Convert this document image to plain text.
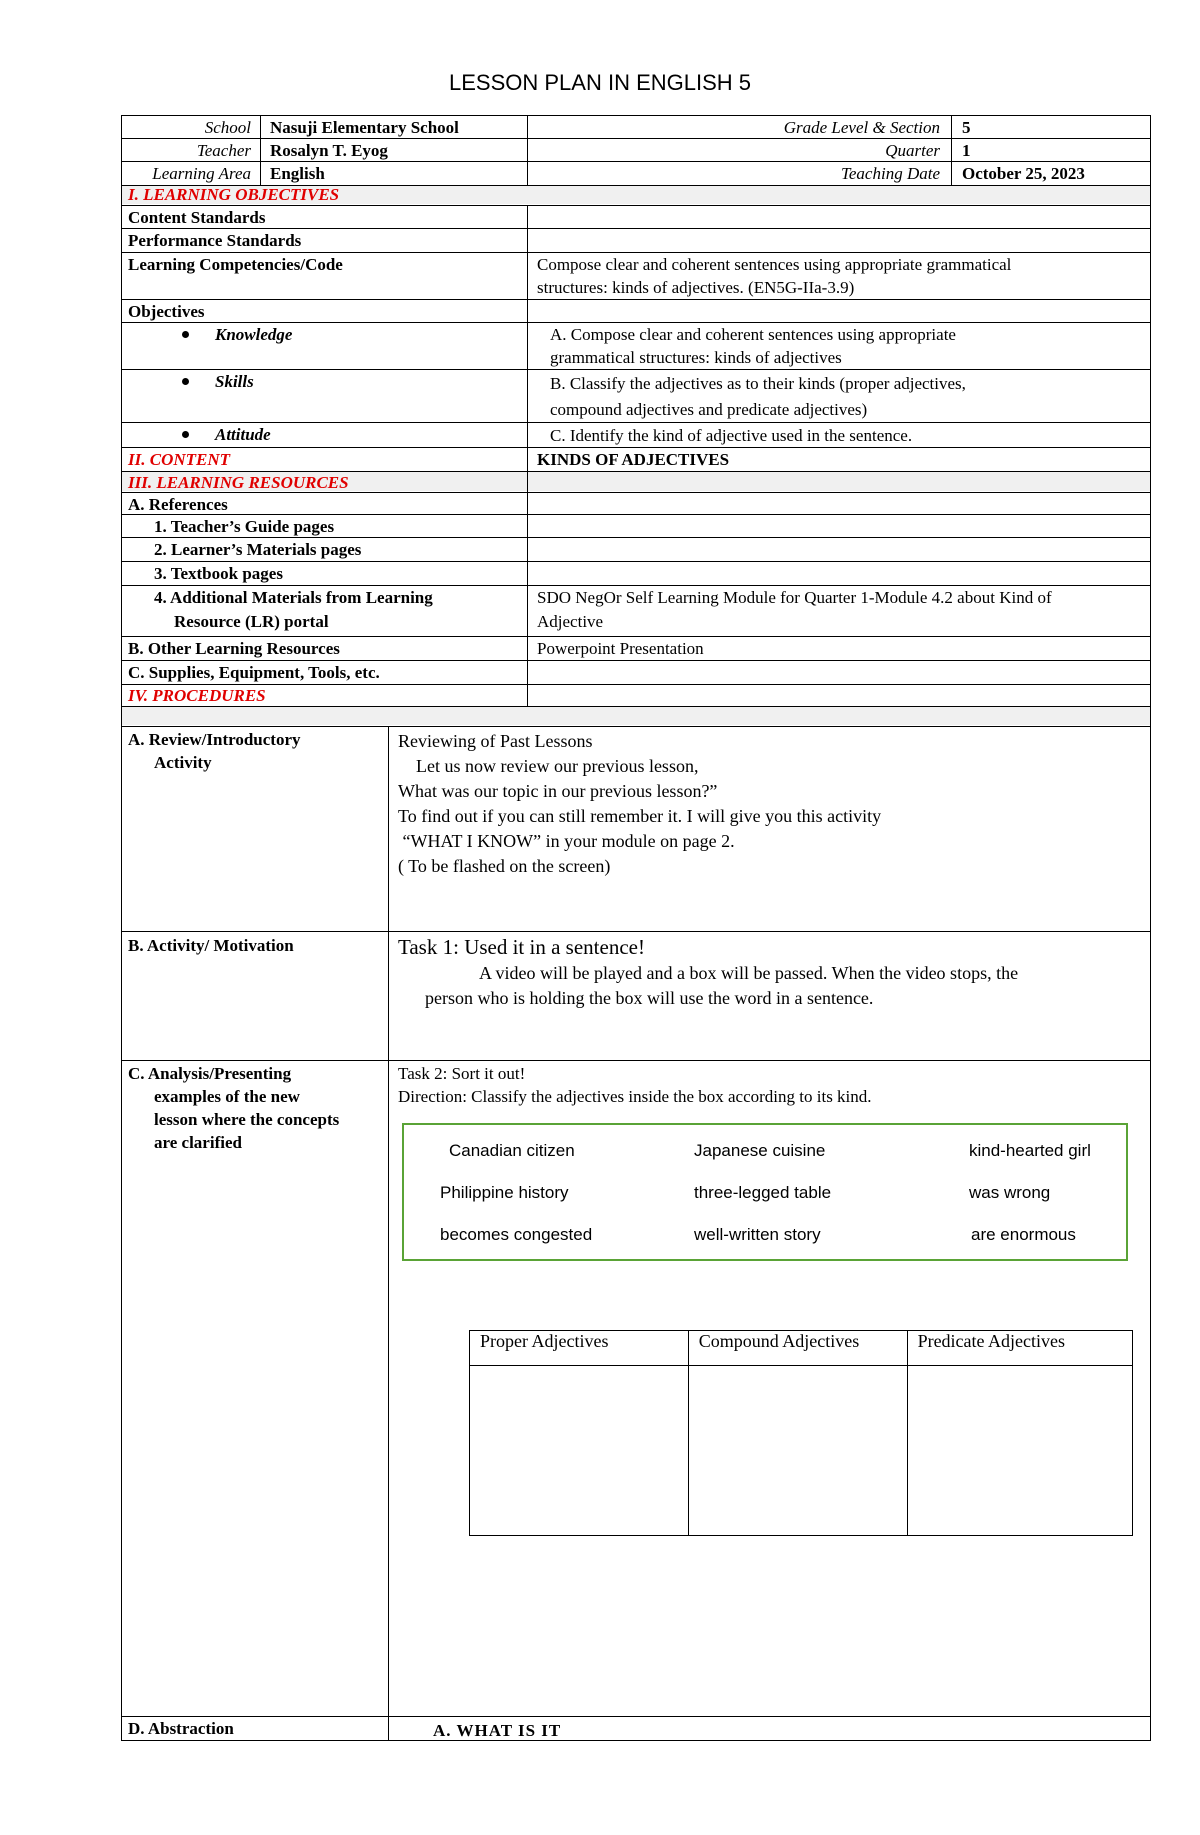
LESSON PLAN IN ENGLISH 5
School Nasuji Elementary School	Grade Level & Section 5
Teacher Rosalyn T. Eyog	Quarter 1
Learning Area English	Teaching Date October 25, 2023
I. LEARNING OBJECTIVES
Content Standards
Performance Standards
Learning Competencies/Code	Compose clear and coherent sentences using appropriate grammatical
structures: kinds of adjectives. (EN5G-IIa-3.9)
Objectives
Knowledge	A. Compose clear and coherent sentences using appropriate
grammatical structures: kinds of adjectives
Skills	B. Classify the adjectives as to their kinds (proper adjectives,
compound adjectives and predicate adjectives)
Attitude	C. Identify the kind of adjective used in the sentence.
II. CONTENT	KINDS OF ADJECTIVES
III. LEARNING RESOURCES
A. References
1. Teacher’s Guide pages
2. Learner’s Materials pages
3. Textbook pages
4. Additional Materials from Learning
Resource (LR) portal
SDO NegOr Self Learning Module for Quarter 1-Module 4.2 about Kind of
Adjective
B. Other Learning Resources	Powerpoint Presentation
C. Supplies, Equipment, Tools, etc.
IV. PROCEDURES
A. Review/Introductory
Activity
Reviewing of Past Lessons
Let us now review our previous lesson,
What was our topic in our previous lesson?”
To find out if you can still remember it. I will give you this activity
“WHAT I KNOW” in your module on page 2.
( To be flashed on the screen)
B. Activity/ Motivation	Task 1: Used it in a sentence!
A video will be played and a box will be passed. When the video stops, the
person who is holding the box will use the word in a sentence.
C. Analysis/Presenting
examples of the new
lesson where the concepts
are clarified
Task 2: Sort it out!
Direction: Classify the adjectives inside the box according to its kind.
Canadian citizen	Japanese cuisine	kind-hearted girl
Philippine history	three-legged table	was wrong
becomes congested	well-written story	are enormous
Proper Adjectives	Compound Adjectives	Predicate Adjectives

D. Abstraction	A. WHAT IS IT
